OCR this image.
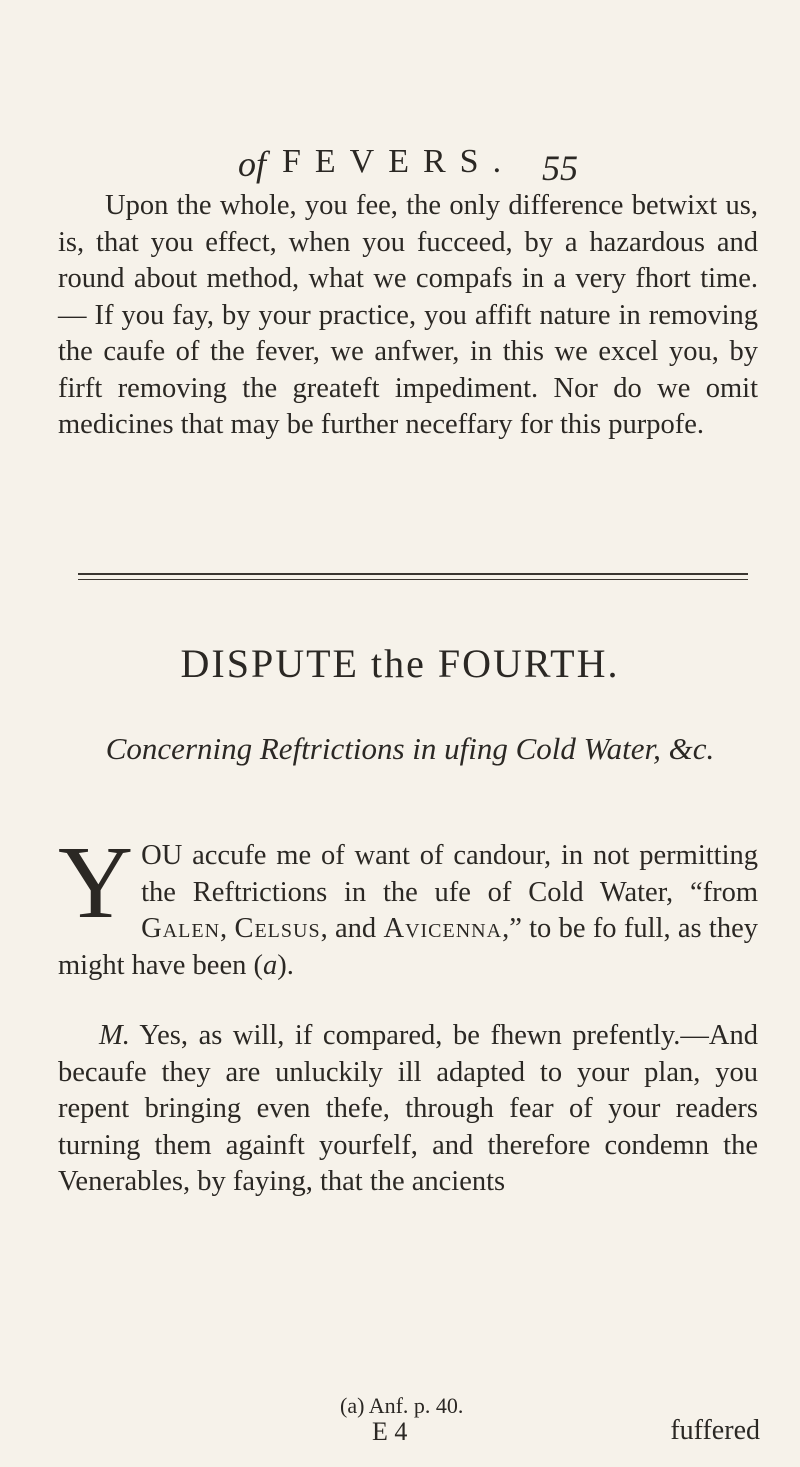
of FEVERS. 55

Upon the whole, you fee, the only difference betwixt us, is, that you effect, when you fucceed, by a hazardous and round about method, what we compafs in a very fhort time. — If you fay, by your practice, you affift nature in removing the caufe of the fever, we anfwer, in this we excel you, by firft removing the greateft impediment. Nor do we omit medicines that may be further neceffary for this purpofe.

DISPUTE the FOURTH.
Concerning Reftrictions in ufing Cold Water, &c.

YOU accufe me of want of candour, in not permitting the Reftrictions in the ufe of Cold Water, “from Galen, Celsus, and Avicenna,” to be fo full, as they might have been (a).

M. Yes, as will, if compared, be fhewn prefently.—And becaufe they are unluckily ill adapted to your plan, you repent bringing even thefe, through fear of your readers turning them againft yourfelf, and therefore condemn the Venerables, by faying, that the ancients

(a) Anf. p. 40.
E 4	fuffered
